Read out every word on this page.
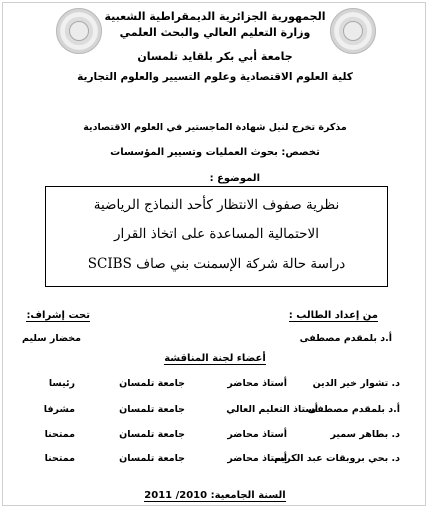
الجمهورية الجزائرية الديمقراطية الشعبية
وزارة التعليم العالي والبحث العلمي
جامعة أبي بكر بلقايد تلمسان
كلية العلوم الاقتصادية وعلوم التسيير والعلوم التجارية
مذكرة تخرج لنيل شهادة الماجستير في العلوم الاقتصادية
تخصص: بحوث العمليات وتسيير المؤسسات
الموضوع :
نظرية صفوف الانتظار كأحد النماذج الرياضية
الاحتمالية المساعدة على اتخاذ القرار
دراسة حالة شركة الإسمنت بني صاف SCIBS
من إعداد الطالب :
تحت إشراف:
مخضار سليم	أ.د بلمقدم مصطفى
أعضاء لجنة المناقشة
د. تشوار خير الدين
أستاذ محاضر
جامعة تلمسان
رئيسا
أ.د بلمقدم مصطفى
أستاذ التعليم العالي
جامعة تلمسان
مشرفا
د. بطاهر سمير
أستاذ محاضر
جامعة تلمسان
ممتحنا
د. بحي بروبقات عبد الكريم
أستاذ محاضر
جامعة تلمسان
ممتحنا
السنة الجامعية: 2010/ 2011
